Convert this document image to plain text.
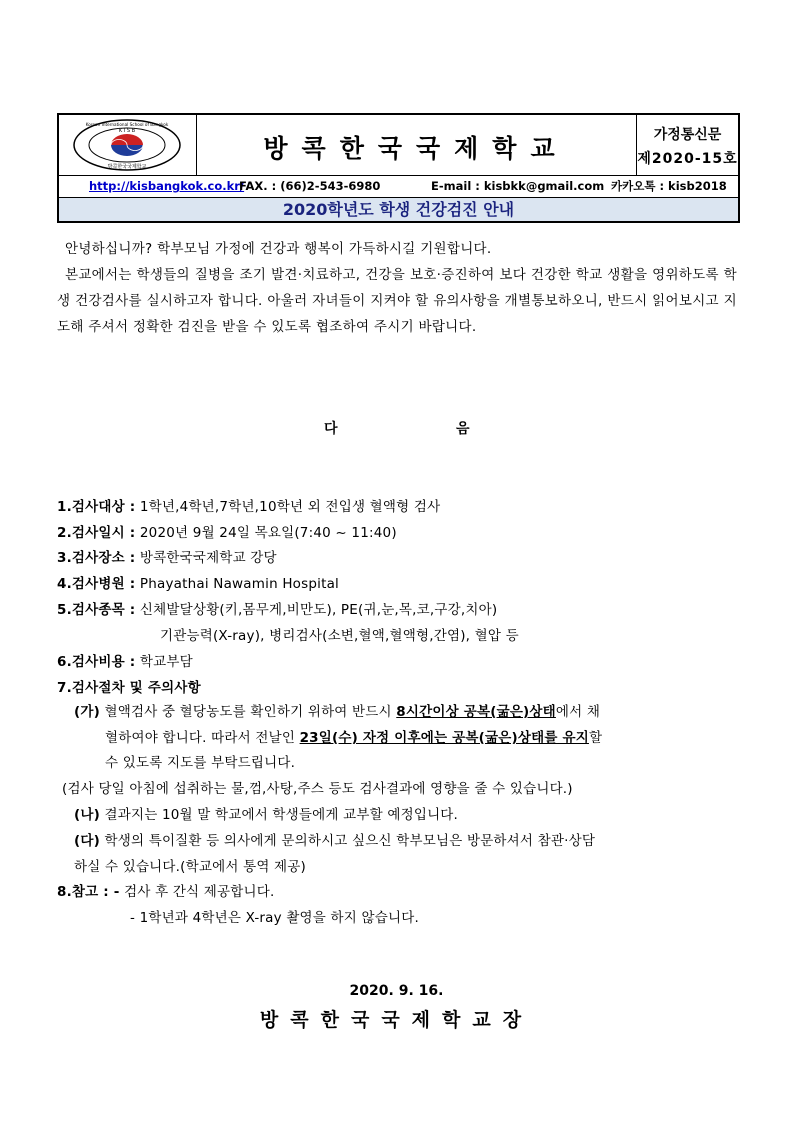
K I S B
Korean International School of Bangkok
방콕한국국제학교
방콕한국국제학교	가정통신문
제2020-15호
http://kisbangkok.co.kr/
FAX. : (66)2-543-6980	E-mail : kisbkk@gmail.com 카카오톡 : kisb2018
2020학년도 학생 건강검진 안내
안녕하십니까? 학부모님 가정에 건강과 행복이 가득하시길 기원합니다.
본교에서는 학생들의 질병을 조기 발견·치료하고, 건강을 보호·증진하여 보다 건강한 학교 생활을 영위하도록 학생 건강검사를 실시하고자 합니다. 아울러 자녀들이 지켜야 할 유의사항을 개별통보하오니, 반드시 읽어보시고 지도해 주셔서 정확한 검진을 받을 수 있도록 협조하여 주시기 바랍니다.
다	음
1.검사대상 : 1학년,4학년,7학년,10학년 외 전입생 혈액형 검사
2.검사일시 : 2020년 9월 24일 목요일(7:40 ~ 11:40)
3.검사장소 : 방콕한국국제학교 강당
4.검사병원 : Phayathai Nawamin Hospital
5.검사종목 : 신체발달상황(키,몸무게,비만도), PE(귀,눈,목,코,구강,치아)
기관능력(X-ray), 병리검사(소변,혈액,혈액형,간염), 혈압 등
6.검사비용 : 학교부담
7.검사절차 및 주의사항
(가) 혈액검사 중 혈당농도를 확인하기 위하여 반드시 8시간이상 공복(굶은)상태에서 채
혈하여야 합니다. 따라서 전날인 23일(수) 자정 이후에는 공복(굶은)상태를 유지할
수 있도록 지도를 부탁드립니다.
(검사 당일 아침에 섭취하는 물,껌,사탕,주스 등도 검사결과에 영향을 줄 수 있습니다.)
(나) 결과지는 10월 말 학교에서 학생들에게 교부할 예정입니다.
(다) 학생의 특이질환 등 의사에게 문의하시고 싶으신 학부모님은 방문하셔서 참관·상담
하실 수 있습니다.(학교에서 통역 제공)
8.참고 : - 검사 후 간식 제공합니다.
- 1학년과 4학년은 X-ray 촬영을 하지 않습니다.
2020. 9. 16.
방콕한국국제학교장
